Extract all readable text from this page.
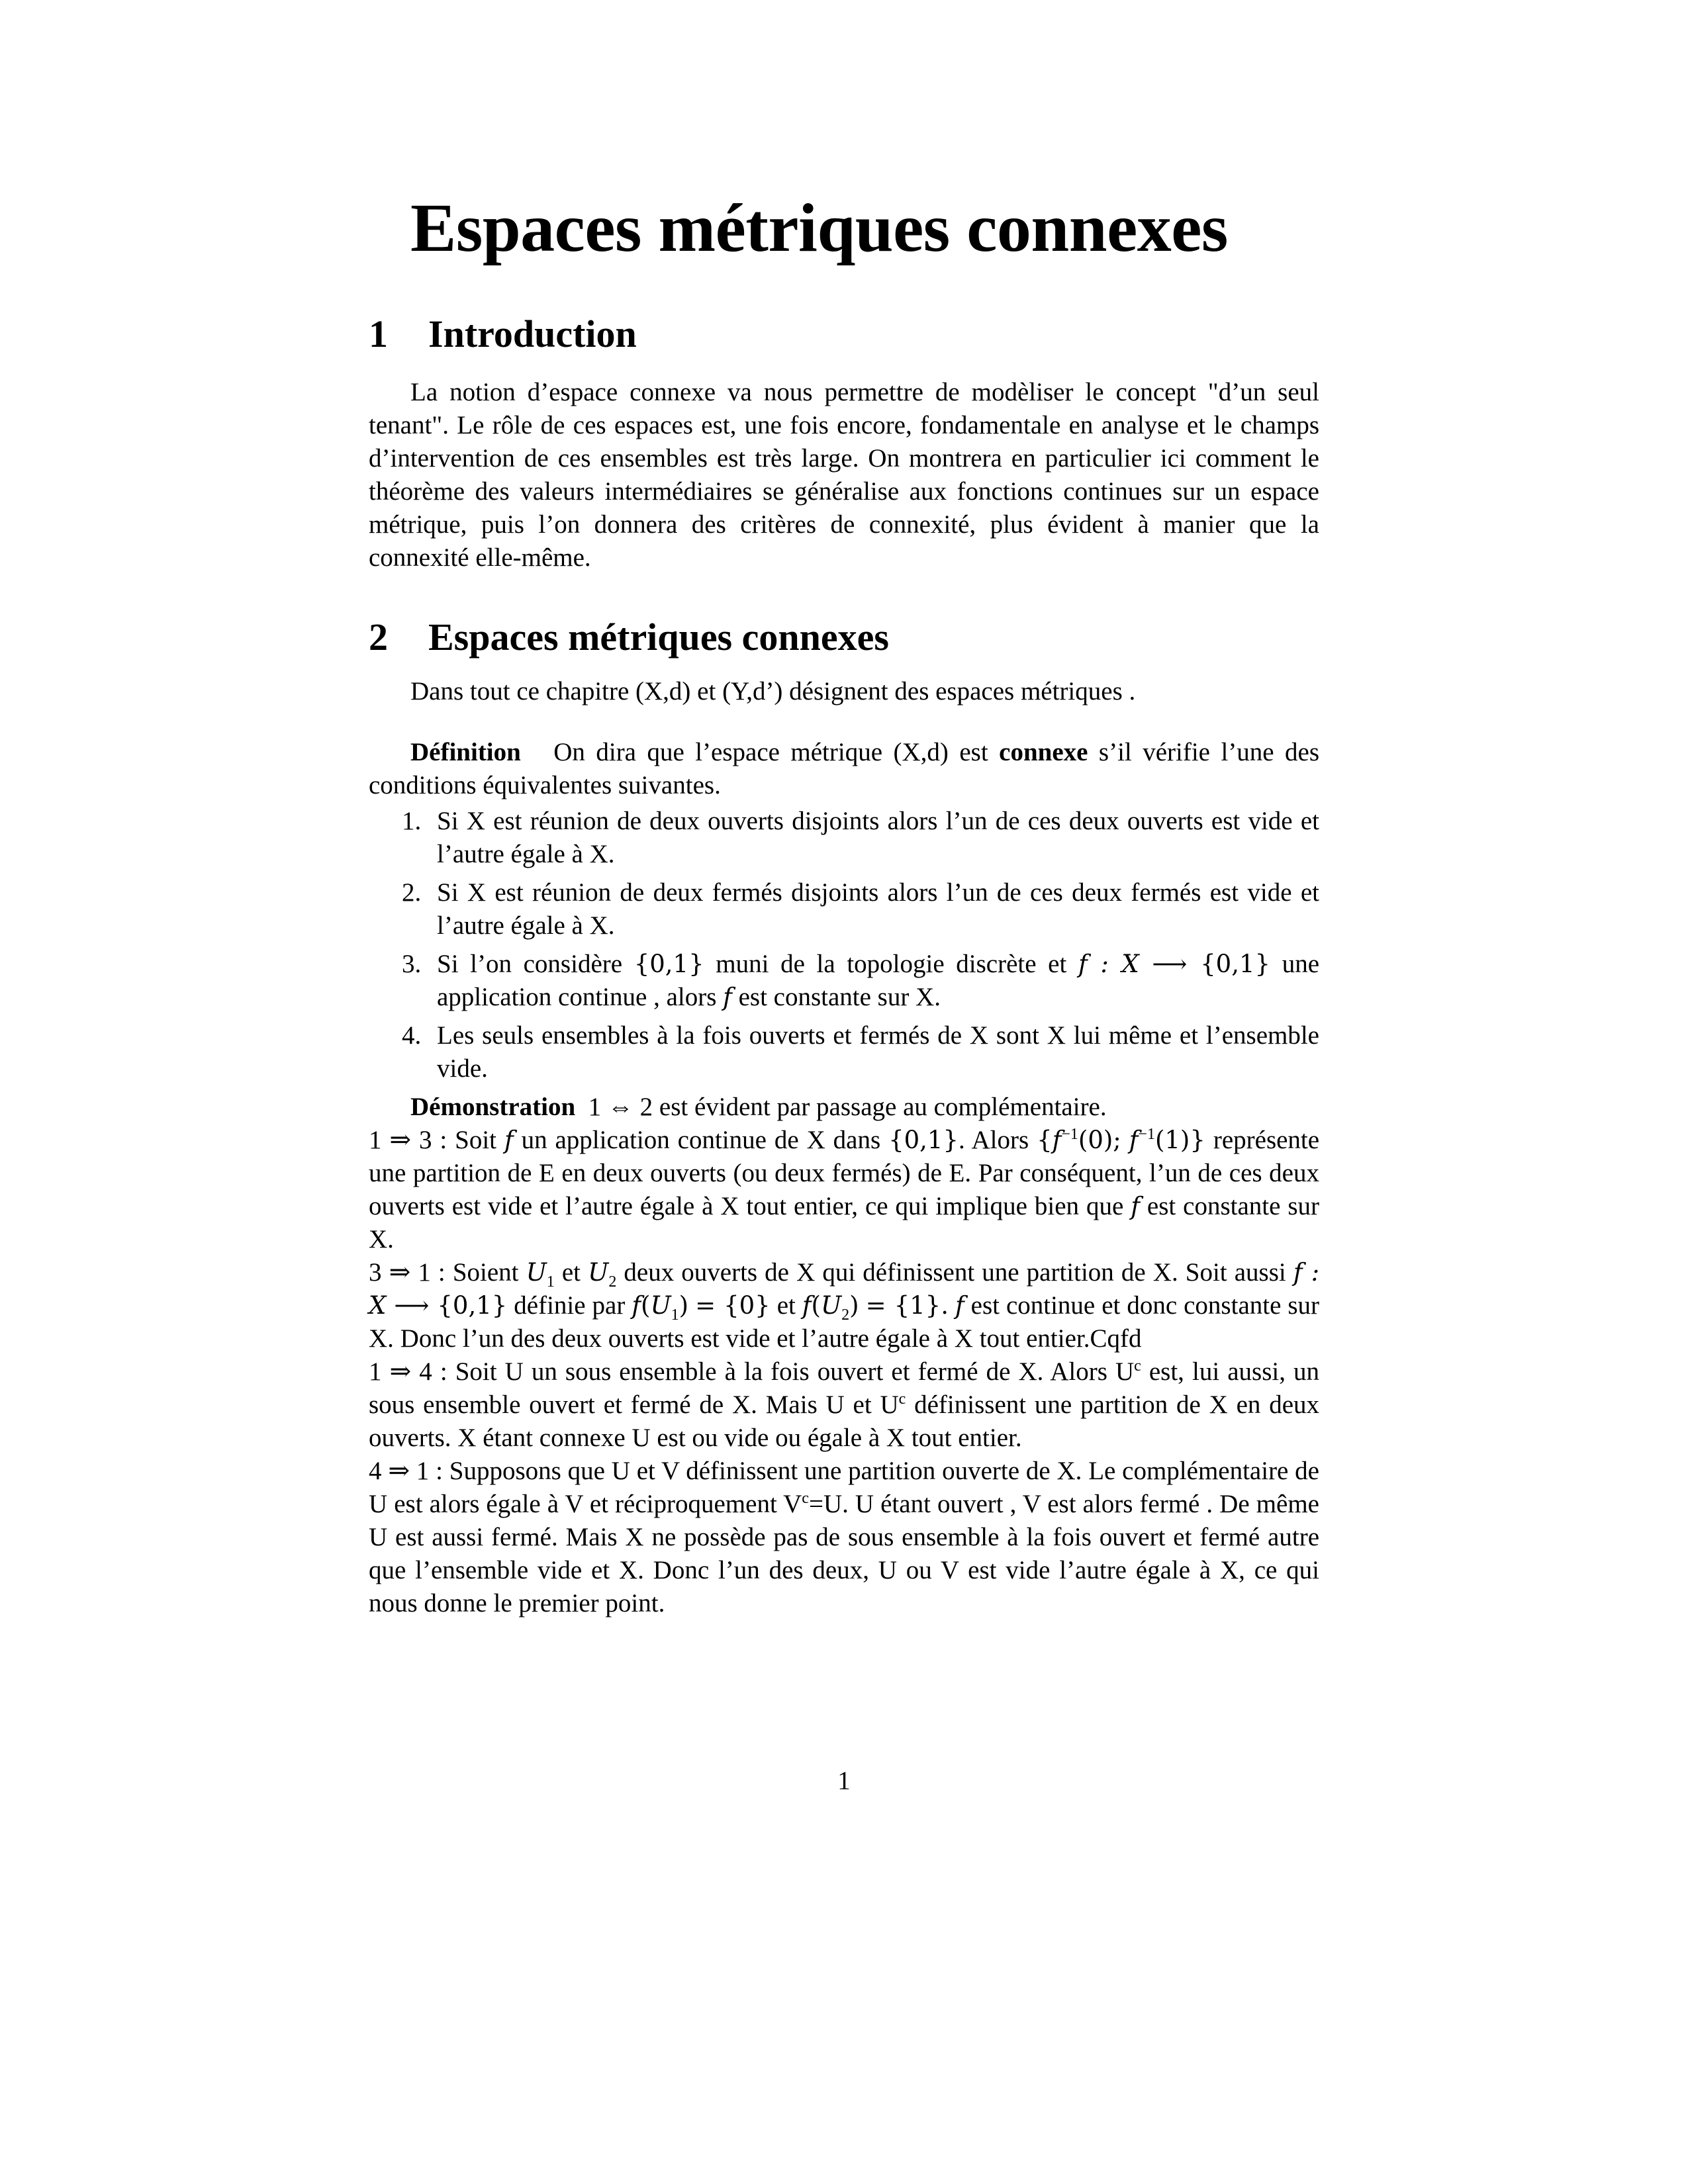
Espaces métriques connexes
1	Introduction

La notion d’espace connexe va nous permettre de modèliser le concept "d’un seul tenant". Le rôle de ces espaces est, une fois encore, fondamentale en analyse et le champs d’intervention de ces ensembles est très large. On montrera en particulier ici comment le théorème des valeurs intermédiaires se généralise aux fonctions continues sur un espace métrique, puis l’on donnera des critères de connexité, plus évident à manier que la connexité elle-même.

2	Espaces métriques connexes

Dans tout ce chapitre (X,d) et (Y,d’) désignent des espaces métriques .

Définition On dira que l’espace métrique (X,d) est connexe s’il vérifie l’une des conditions équivalentes suivantes.

1. Si X est réunion de deux ouverts disjoints alors l’un de ces deux ouverts est vide et l’autre égale à X.
2. Si X est réunion de deux fermés disjoints alors l’un de ces deux fermés est vide et l’autre égale à X.
3. Si l’on considère {0,1} muni de la topologie discrète et f : X ⟶ {0,1} une application continue , alors f est constante sur X.
4. Les seuls ensembles à la fois ouverts et fermés de X sont X lui même et l’ensemble vide.

Démonstration 1 ⇔ 2 est évident par passage au complémentaire.

1 ⇒ 3 : Soit f un application continue de X dans {0,1}. Alors {$f^{-1}(0)$; $f^{-1}(1)$} représente une partition de E en deux ouverts (ou deux fermés) de E. Par conséquent, l’un de ces deux ouverts est vide et l’autre égale à X tout entier, ce qui implique bien que f est constante sur X.

3 ⇒ 1 : Soient $U_1$ et $U_2$ deux ouverts de X qui définissent une partition de X. Soit aussi f : X ⟶ {0,1} définie par $f(U_1) = \{0\}$ et $f(U_2) = \{1\}$. f est continue et donc constante sur X. Donc l’un des deux ouverts est vide et l’autre égale à X tout entier.Cqfd

1 ⇒ 4 : Soit U un sous ensemble à la fois ouvert et fermé de X. Alors $U^c$ est, lui aussi, un sous ensemble ouvert et fermé de X. Mais U et $U^c$ définissent une partition de X en deux ouverts. X étant connexe U est ou vide ou égale à X tout entier.

4 ⇒ 1 : Supposons que U et V définissent une partition ouverte de X. Le complémentaire de U est alors égale à V et réciproquement $V^c=U$. U étant ouvert , V est alors fermé . De même U est aussi fermé. Mais X ne possède pas de sous ensemble à la fois ouvert et fermé autre que l’ensemble vide et X. Donc l’un des deux, U ou V est vide l’autre égale à X, ce qui nous donne le premier point.

1
